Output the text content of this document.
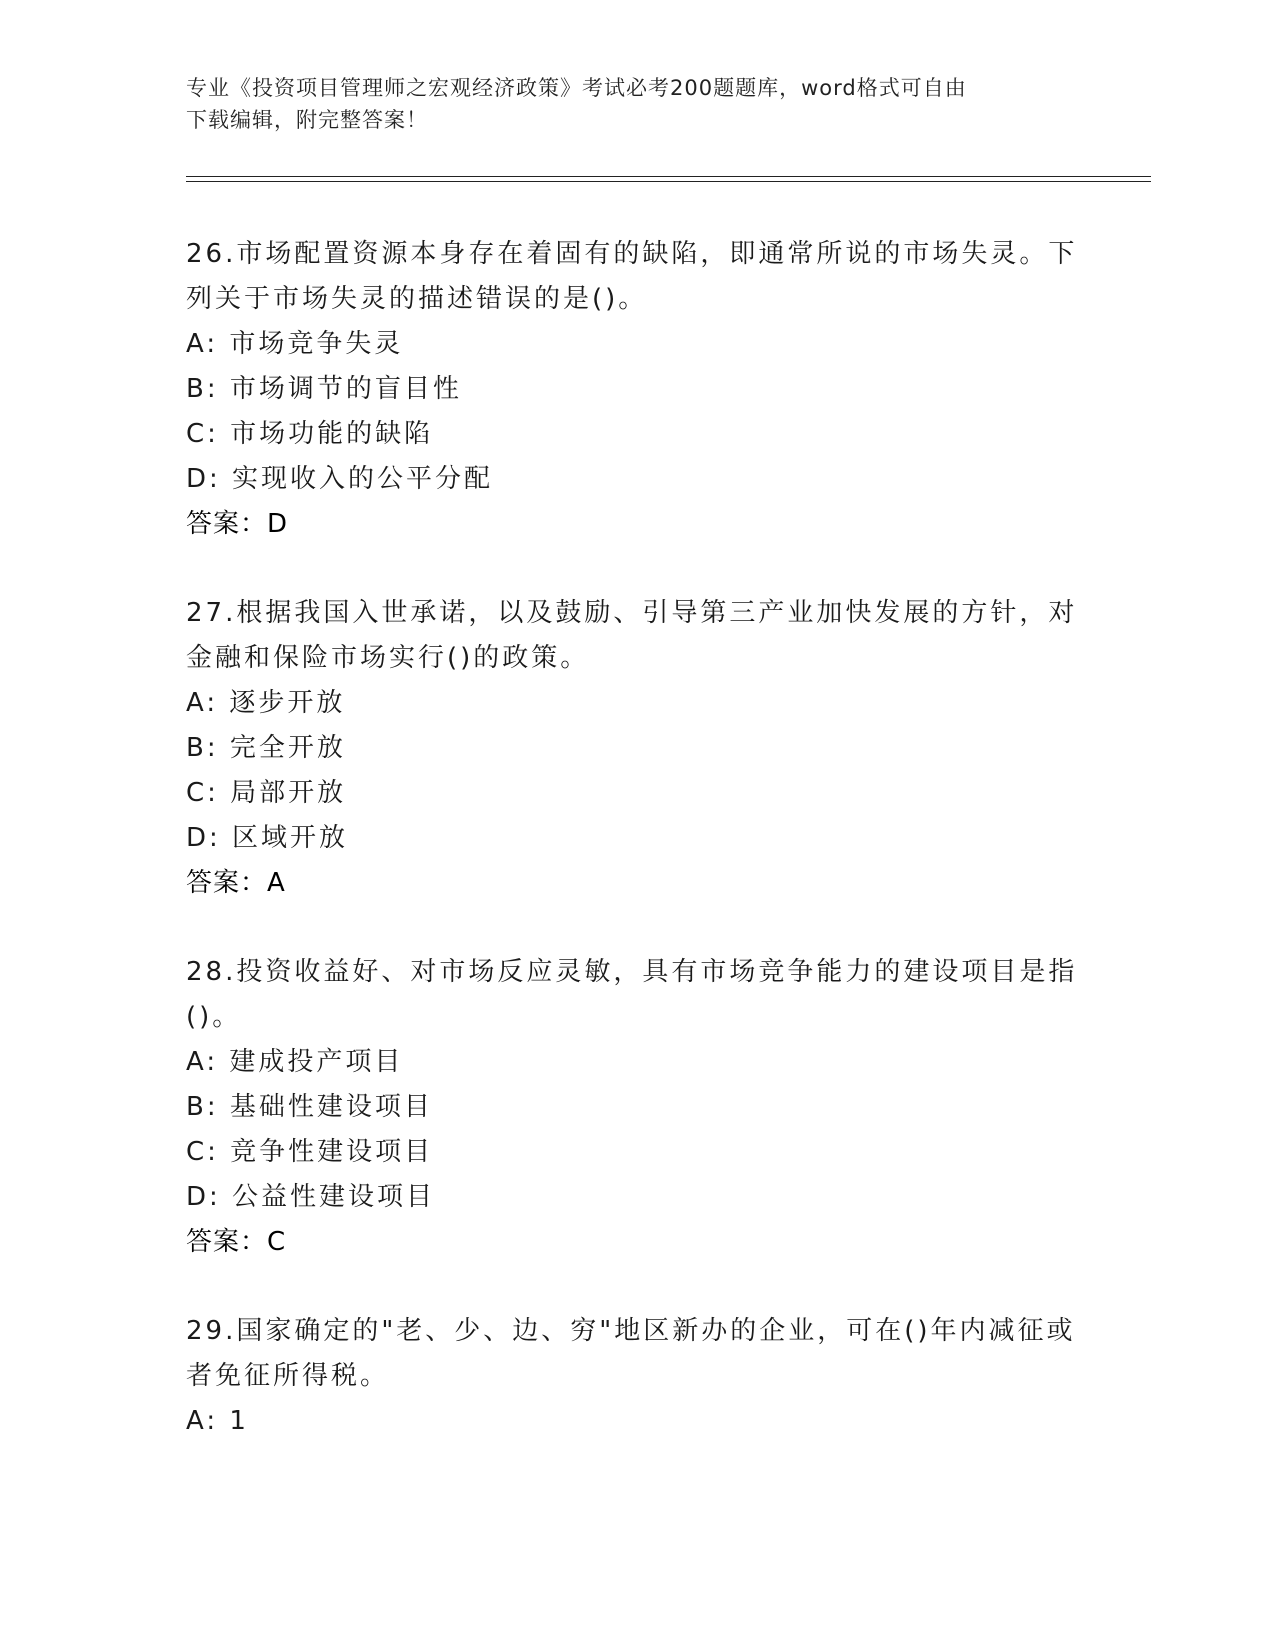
专业《投资项目管理师之宏观经济政策》考试必考200题题库，word格式可自由
下载编辑，附完整答案！

26.市场配置资源本身存在着固有的缺陷，即通常所说的市场失灵。下

列关于市场失灵的描述错误的是()。

A: 市场竞争失灵

B: 市场调节的盲目性

C: 市场功能的缺陷

D: 实现收入的公平分配

答案：D

27.根据我国入世承诺，以及鼓励、引导第三产业加快发展的方针，对

金融和保险市场实行()的政策。

A: 逐步开放

B: 完全开放

C: 局部开放

D: 区域开放

答案：A

28.投资收益好、对市场反应灵敏，具有市场竞争能力的建设项目是指

()。

A: 建成投产项目

B: 基础性建设项目

C: 竞争性建设项目

D: 公益性建设项目

答案：C

29.国家确定的"老、少、边、穷"地区新办的企业，可在()年内减征或

者免征所得税。

A: 1
